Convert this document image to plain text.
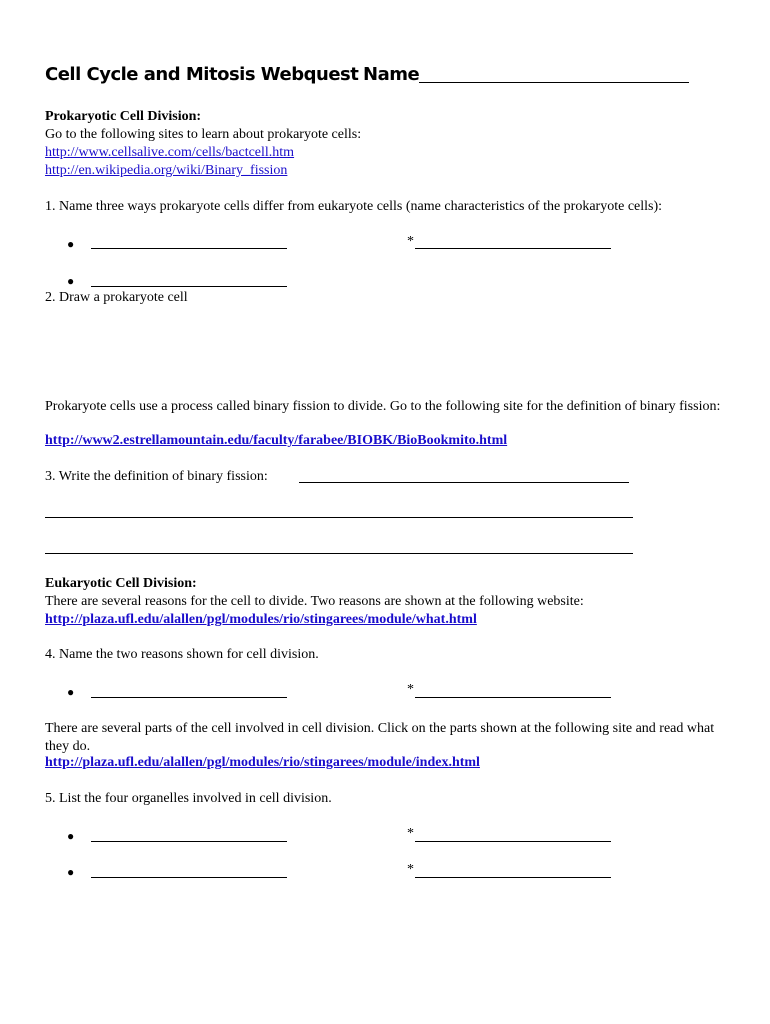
Cell Cycle and Mitosis Webquest Name
Prokaryotic Cell Division:
Go to the following sites to learn about prokaryote cells:
http://www.cellsalive.com/cells/bactcell.htm
http://en.wikipedia.org/wiki/Binary_fission
1. Name three ways prokaryote cells differ from eukaryote cells (name characteristics of the prokaryote cells):
●	*
●
2. Draw a prokaryote cell
Prokaryote cells use a process called binary fission to divide. Go to the following site for the definition of binary fission:
http://www2.estrellamountain.edu/faculty/farabee/BIOBK/BioBookmito.html
3. Write the definition of binary fission:
Eukaryotic Cell Division:
There are several reasons for the cell to divide. Two reasons are shown at the following website:
http://plaza.ufl.edu/alallen/pgl/modules/rio/stingarees/module/what.html
4. Name the two reasons shown for cell division.
●	*
There are several parts of the cell involved in cell division. Click on the parts shown at the following site and read what they do.
http://plaza.ufl.edu/alallen/pgl/modules/rio/stingarees/module/index.html
5. List the four organelles involved in cell division.
●	*
●	*
